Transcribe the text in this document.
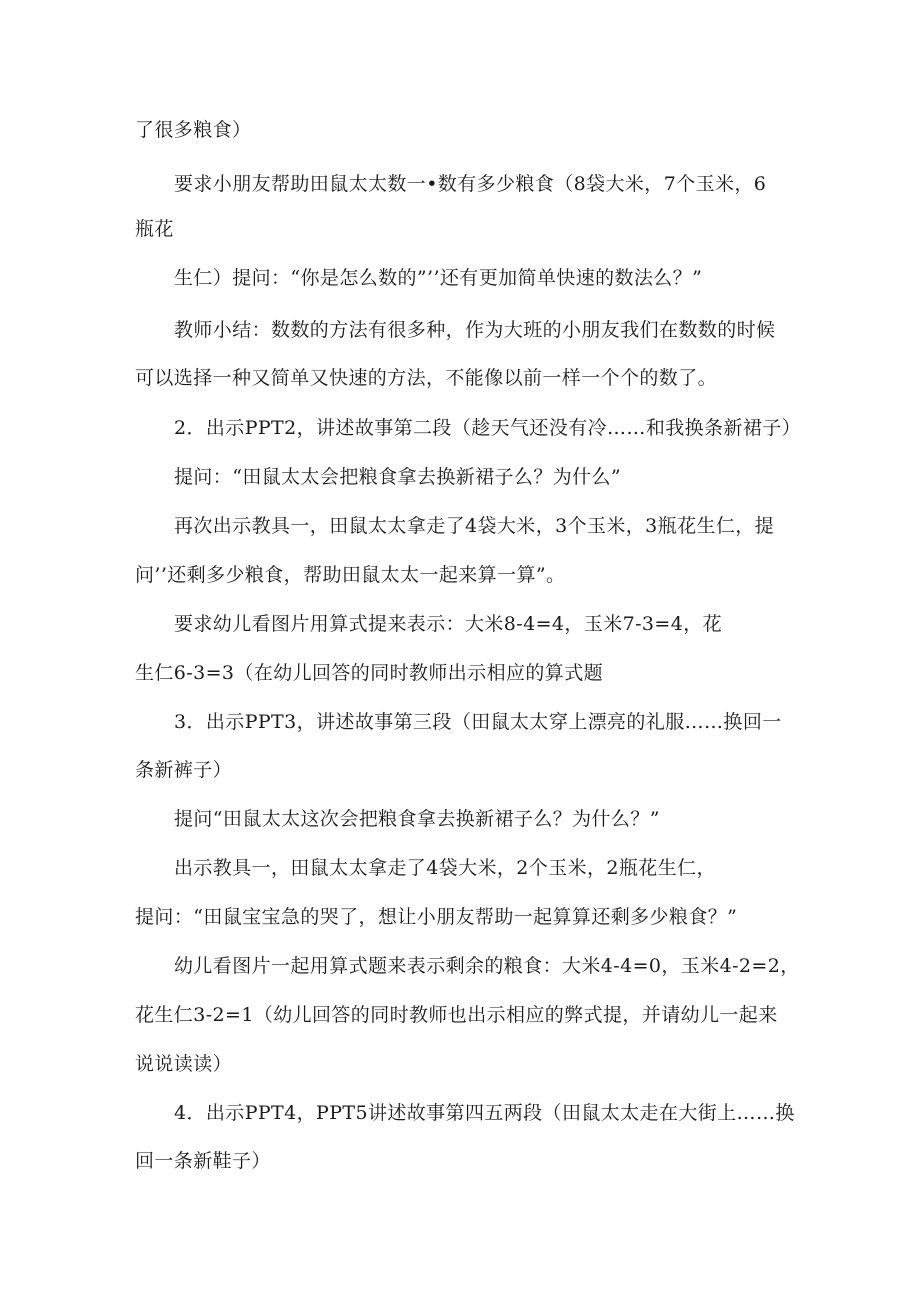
了很多粮食）
要求小朋友帮助田鼠太太数一•数有多少粮食（8袋大米，7个玉米，6
瓶花
生仁）提问：“你是怎么数的”’’还有更加简单快速的数法么？”
教师小结：数数的方法有很多种，作为大班的小朋友我们在数数的时候
可以选择一种又简单又快速的方法，不能像以前一样一个个的数了。
2．出示PPT2，讲述故事第二段（趁天气还没有冷……和我换条新裙子）
提问：“田鼠太太会把粮食拿去换新裙子么？为什么”
再次出示教具一，田鼠太太拿走了4袋大米，3个玉米，3瓶花生仁，提
问’’还剩多少粮食，帮助田鼠太太一起来算一算”。
要求幼儿看图片用算式提来表示：大米8-4=4，玉米7-3=4，花
生仁6-3=3（在幼儿回答的同时教师出示相应的算式题
3．出示PPT3，讲述故事第三段（田鼠太太穿上漂亮的礼服……换回一
条新裤子）
提问“田鼠太太这次会把粮食拿去换新裙子么？为什么？”
出示教具一，田鼠太太拿走了4袋大米，2个玉米，2瓶花生仁，
提问：“田鼠宝宝急的哭了，想让小朋友帮助一起算算还剩多少粮食？”
幼儿看图片一起用算式题来表示剩余的粮食：大米4-4=0，玉米4-2=2，
花生仁3-2=1（幼儿回答的同时教师也出示相应的弊式提，并请幼儿一起来
说说读读）
4．出示PPT4，PPT5讲述故事第四五两段（田鼠太太走在大街上……换
回一条新鞋子）
